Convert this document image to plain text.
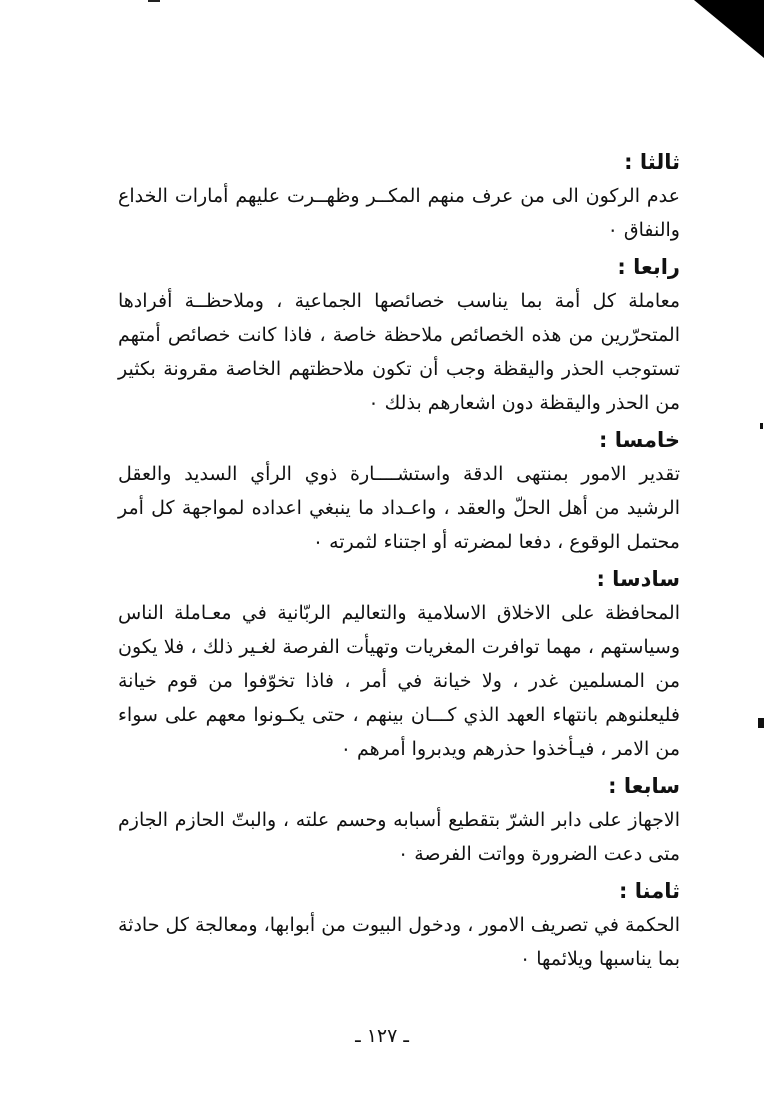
ثالثا :

عدم الركون الى من عرف منهم المكــر وظهــرت عليهم أمارات الخداع والنفاق ٠

رابعا :

معاملة كل أمة بما يناسب خصائصها الجماعية ، وملاحظــة أفرادها المتحرّرين من هذه الخصائص ملاحظة خاصة ، فاذا كانت خصائص أمتهم تستوجب الحذر واليقظة وجب أن تكون ملاحظتهم الخاصة مقرونة بكثير من الحذر واليقظة دون اشعارهم بذلك ٠

خامسا :

تقدير الامور بمنتهى الدقة واستشــــارة ذوي الرأي السديد والعقل الرشيد من أهل الحلّ والعقد ، واعـداد ما ينبغي اعداده لمواجهة كل أمر محتمل الوقوع ، دفعا لمضرته أو اجتناء لثمرته ٠

سادسا :

المحافظة على الاخلاق الاسلامية والتعاليم الربّانية في معـاملة الناس وسياستهم ، مهما توافرت المغريات وتهيأت الفرصة لغـير ذلك ، فلا يكون من المسلمين غدر ، ولا خيانة في أمر ، فاذا تخوّفوا من قوم خيانة فليعلنوهم بانتهاء العهد الذي كـــان بينهم ، حتى يكـونوا معهم على سواء من الامر ، فيـأخذوا حذرهم ويدبروا أمرهم ٠

سابعا :

الاجهاز على دابر الشرّ بتقطيع أسبابه وحسم علته ، والبتّ الحازم الجازم متى دعت الضرورة وواتت الفرصة ٠

ثامنا :

الحكمة في تصريف الامور ، ودخول البيوت من أبوابها، ومعالجة كل حادثة بما يناسبها ويلائمها ٠

ـ ١٢٧ ـ
